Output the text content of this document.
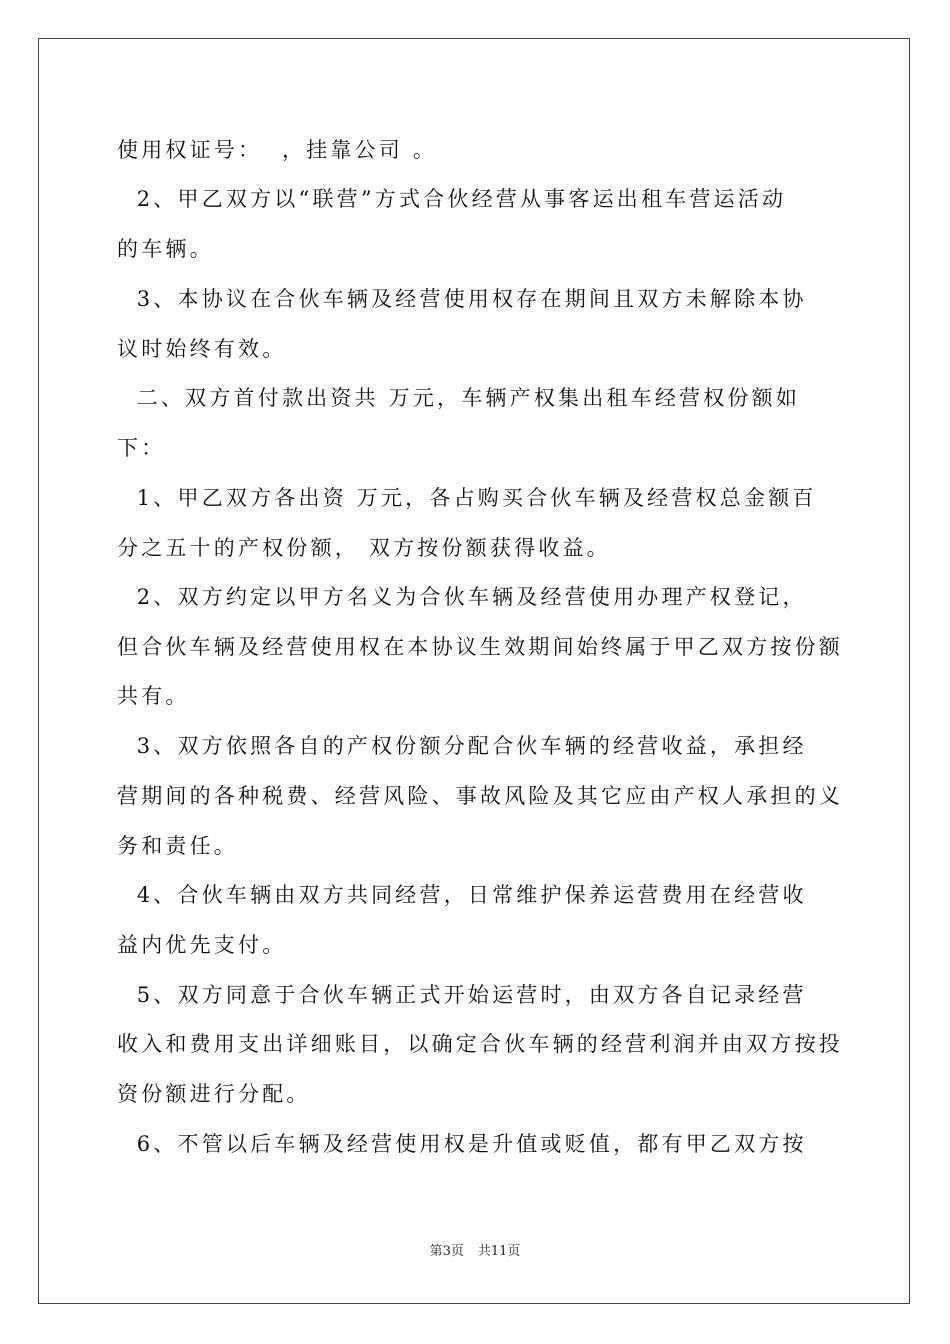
使用权证号：  ，挂靠公司 。
2、甲乙双方以“联营”方式合伙经营从事客运出租车营运活动
的车辆。
3、本协议在合伙车辆及经营使用权存在期间且双方未解除本协
议时始终有效。
二、双方首付款出资共 万元，车辆产权集出租车经营权份额如
下：
1、甲乙双方各出资 万元，各占购买合伙车辆及经营权总金额百
分之五十的产权份额， 双方按份额获得收益。
2、双方约定以甲方名义为合伙车辆及经营使用办理产权登记，
但合伙车辆及经营使用权在本协议生效期间始终属于甲乙双方按份额
共有。
3、双方依照各自的产权份额分配合伙车辆的经营收益，承担经
营期间的各种税费、经营风险、事故风险及其它应由产权人承担的义
务和责任。
4、合伙车辆由双方共同经营，日常维护保养运营费用在经营收
益内优先支付。
5、双方同意于合伙车辆正式开始运营时，由双方各自记录经营
收入和费用支出详细账目，以确定合伙车辆的经营利润并由双方按投
资份额进行分配。
6、不管以后车辆及经营使用权是升值或贬值，都有甲乙双方按
第3页 共11页
